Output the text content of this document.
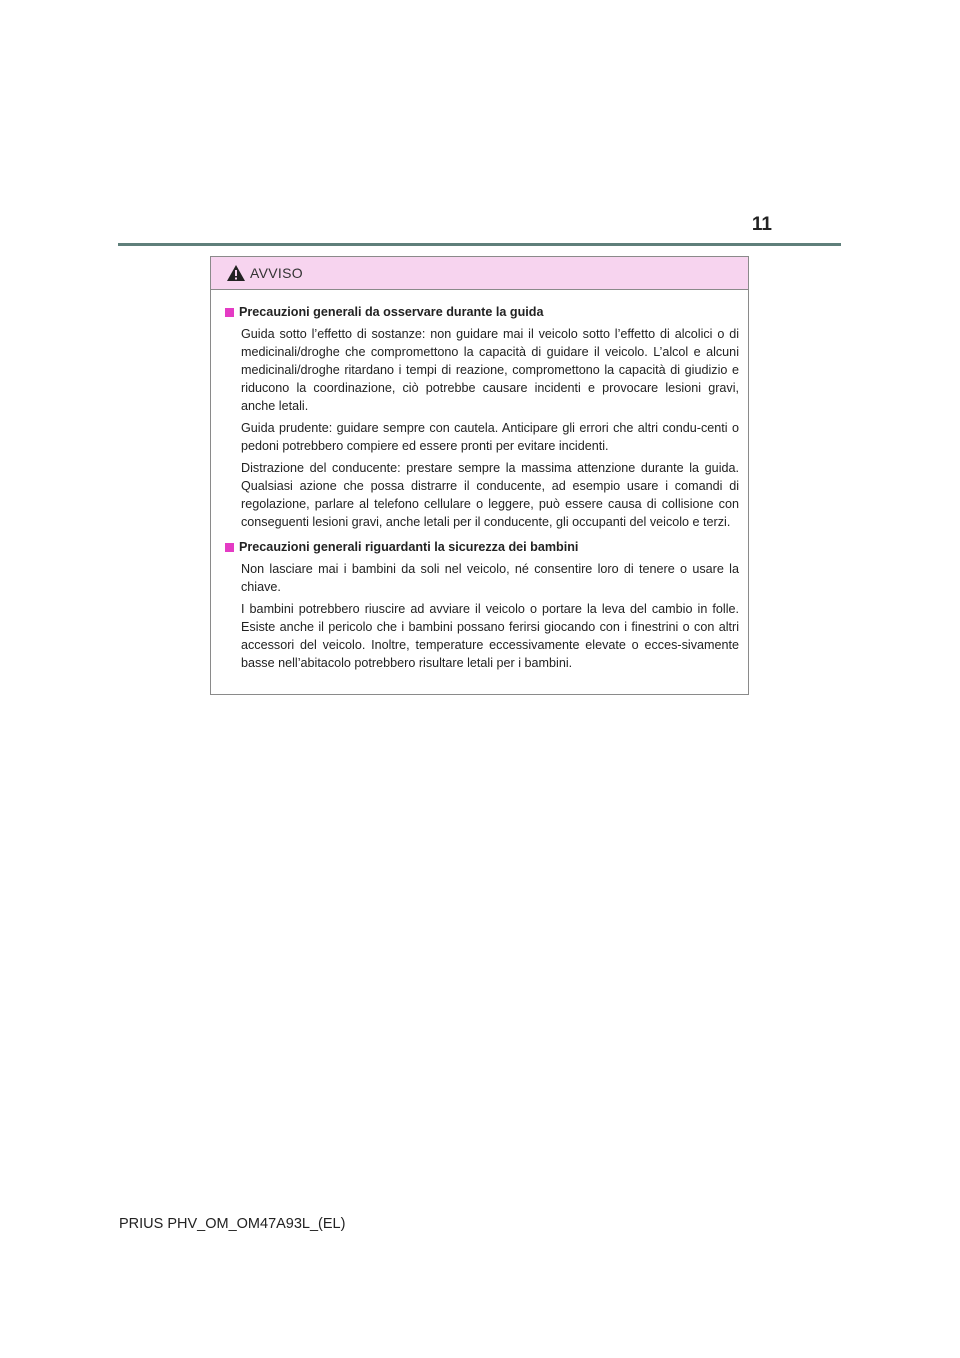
11
AVVISO
Precauzioni generali da osservare durante la guida

Guida sotto l’effetto di sostanze: non guidare mai il veicolo sotto l’effetto di alcolici o di medicinali/droghe che compromettono la capacità di guidare il veicolo. L’alcol e alcuni medicinali/droghe ritardano i tempi di reazione, compromettono la capacità di giudizio e riducono la coordinazione, ciò potrebbe causare incidenti e provocare lesioni gravi, anche letali.

Guida prudente: guidare sempre con cautela. Anticipare gli errori che altri condu-centi o pedoni potrebbero compiere ed essere pronti per evitare incidenti.

Distrazione del conducente: prestare sempre la massima attenzione durante la guida. Qualsiasi azione che possa distrarre il conducente, ad esempio usare i comandi di regolazione, parlare al telefono cellulare o leggere, può essere causa di collisione con conseguenti lesioni gravi, anche letali per il conducente, gli occupanti del veicolo e terzi.

Precauzioni generali riguardanti la sicurezza dei bambini

Non lasciare mai i bambini da soli nel veicolo, né consentire loro di tenere o usare la chiave.

I bambini potrebbero riuscire ad avviare il veicolo o portare la leva del cambio in folle. Esiste anche il pericolo che i bambini possano ferirsi giocando con i finestrini o con altri accessori del veicolo. Inoltre, temperature eccessivamente elevate o ecces-sivamente basse nell’abitacolo potrebbero risultare letali per i bambini.

PRIUS PHV_OM_OM47A93L_(EL)
